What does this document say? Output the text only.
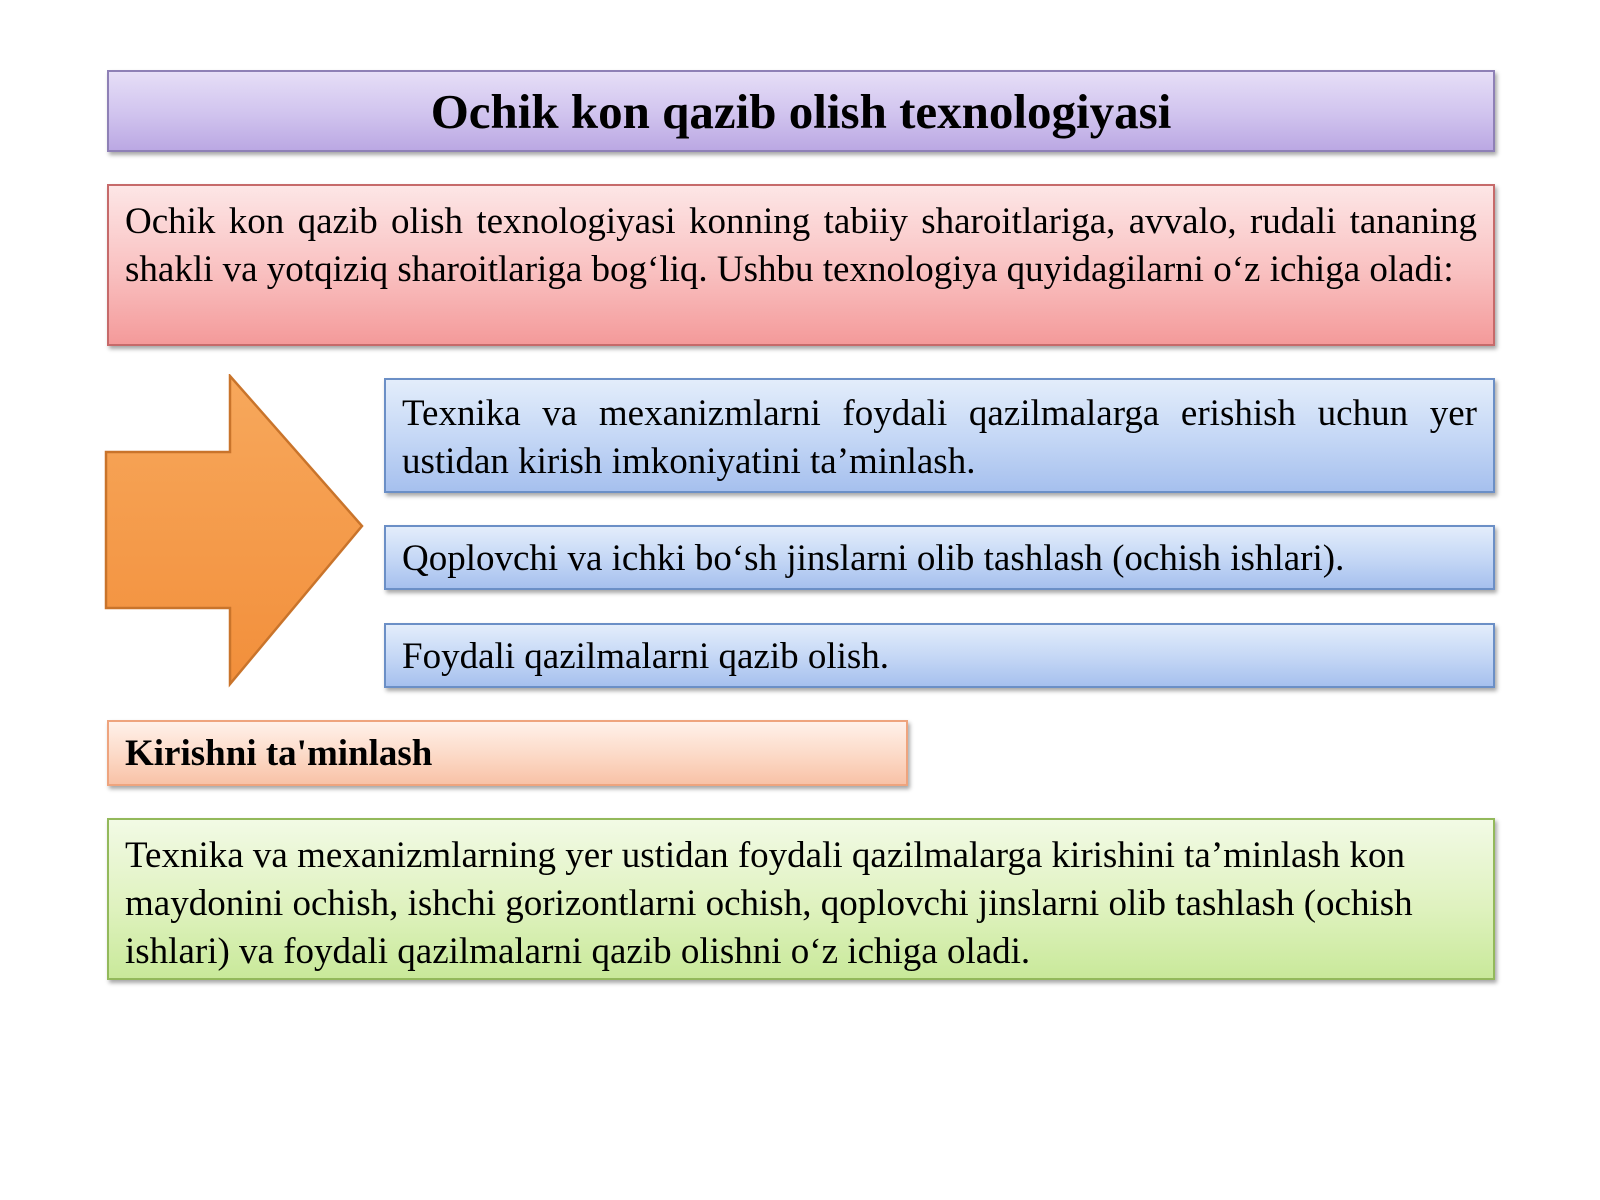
Ochik kon qazib olish texnologiyasi
Ochik kon qazib olish texnologiyasi konning tabiiy sharoitlariga, avvalo, rudali tananing shakli va yotqiziq sharoitlariga bog‘liq. Ushbu texnologiya quyidagilarni o‘z ichiga oladi:
Texnika va mexanizmlarni foydali qazilmalarga erishish uchun yer ustidan kirish imkoniyatini ta’minlash.
Qoplovchi va ichki bo‘sh jinslarni olib tashlash (ochish ishlari).
Foydali qazilmalarni qazib olish.
Kirishni ta'minlash
Texnika va mexanizmlarning yer ustidan foydali qazilmalarga kirishini ta’minlash kon maydonini ochish, ishchi gorizontlarni ochish, qoplovchi jinslarni olib tashlash (ochish ishlari) va foydali qazilmalarni qazib olishni o‘z ichiga oladi.
